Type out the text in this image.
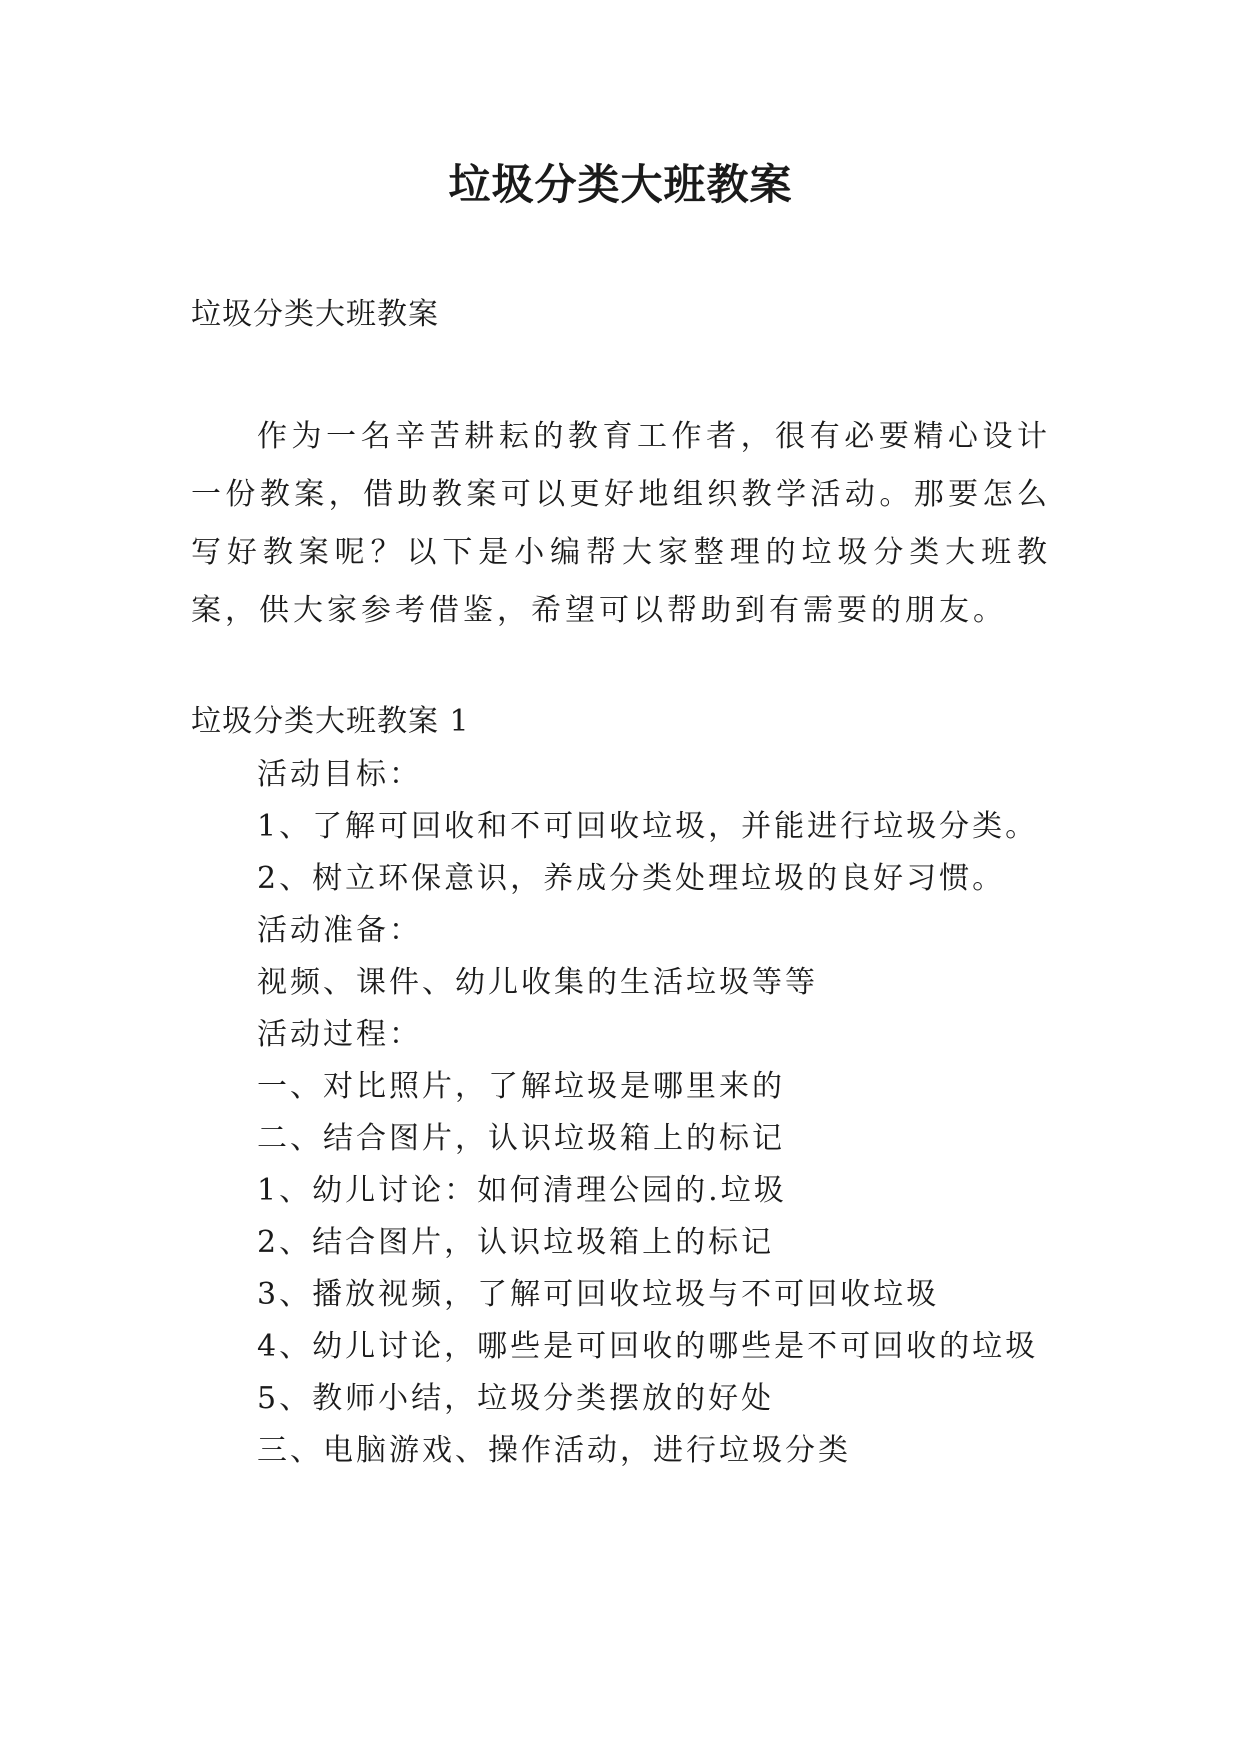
垃圾分类大班教案

垃圾分类大班教案

作为一名辛苦耕耘的教育工作者，很有必要精心设计一份教案，借助教案可以更好地组织教学活动。那要怎么写好教案呢？以下是小编帮大家整理的垃圾分类大班教案，供大家参考借鉴，希望可以帮助到有需要的朋友。

垃圾分类大班教案 1

活动目标：

1、了解可回收和不可回收垃圾，并能进行垃圾分类。

2、树立环保意识，养成分类处理垃圾的良好习惯。

活动准备：

视频、课件、幼儿收集的生活垃圾等等

活动过程：

一、对比照片，了解垃圾是哪里来的

二、结合图片，认识垃圾箱上的标记

1、幼儿讨论：如何清理公园的.垃圾

2、结合图片，认识垃圾箱上的标记

3、播放视频，了解可回收垃圾与不可回收垃圾

4、幼儿讨论，哪些是可回收的哪些是不可回收的垃圾

5、教师小结，垃圾分类摆放的好处

三、电脑游戏、操作活动，进行垃圾分类
